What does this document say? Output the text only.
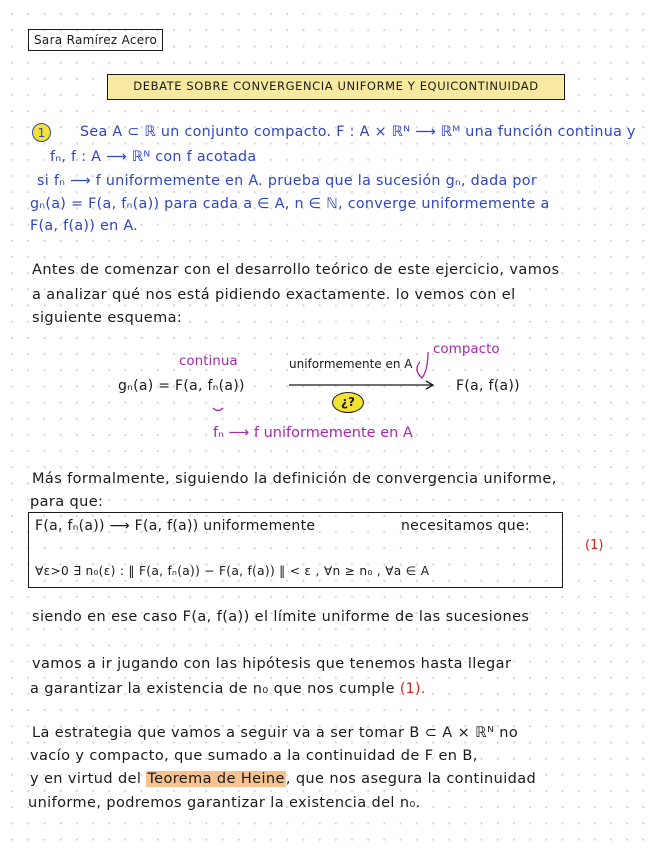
Sara Ramírez Acero
DEBATE SOBRE CONVERGENCIA UNIFORME Y EQUICONTINUIDAD
1	Sea A ⊂ ℝ un conjunto compacto. F : A × ℝᴺ ⟶ ℝᴹ una función continua y
fₙ, f : A ⟶ ℝᴺ con f acotada
si fₙ ⟶ f uniformemente en A. prueba que la sucesión gₙ, dada por
gₙ(a) = F(a, fₙ(a)) para cada a ∈ A, n ∈ ℕ, converge uniformemente a
F(a, f(a)) en A.
Antes de comenzar con el desarrollo teórico de este ejercicio, vamos
a analizar qué nos está pidiendo exactamente. lo vemos con el
siguiente esquema:
continua
compacto
gₙ(a) = F(a, fₙ(a))
uniformemente en A
F(a, f(a))
¿?
fₙ ⟶ f uniformemente en A
Más formalmente, siguiendo la definición de convergencia uniforme,
para que:
F(a, fₙ(a)) ⟶ F(a, f(a)) uniformemente	necesitamos que:
∀ε>0 ∃ n₀(ε) : ‖ F(a, fₙ(a)) − F(a, f(a)) ‖ < ε , ∀n ≥ n₀ , ∀a ∈ A
(1)
siendo en ese caso F(a, f(a)) el límite uniforme de las sucesiones
vamos a ir jugando con las hipótesis que tenemos hasta llegar
a garantizar la existencia de n₀ que nos cumple (1).
La estrategia que vamos a seguir va a ser tomar B ⊂ A × ℝᴺ no
vacío y compacto, que sumado a la continuidad de F en B,
y en virtud del Teorema de Heine, que nos asegura la continuidad
uniforme, podremos garantizar la existencia del n₀.
